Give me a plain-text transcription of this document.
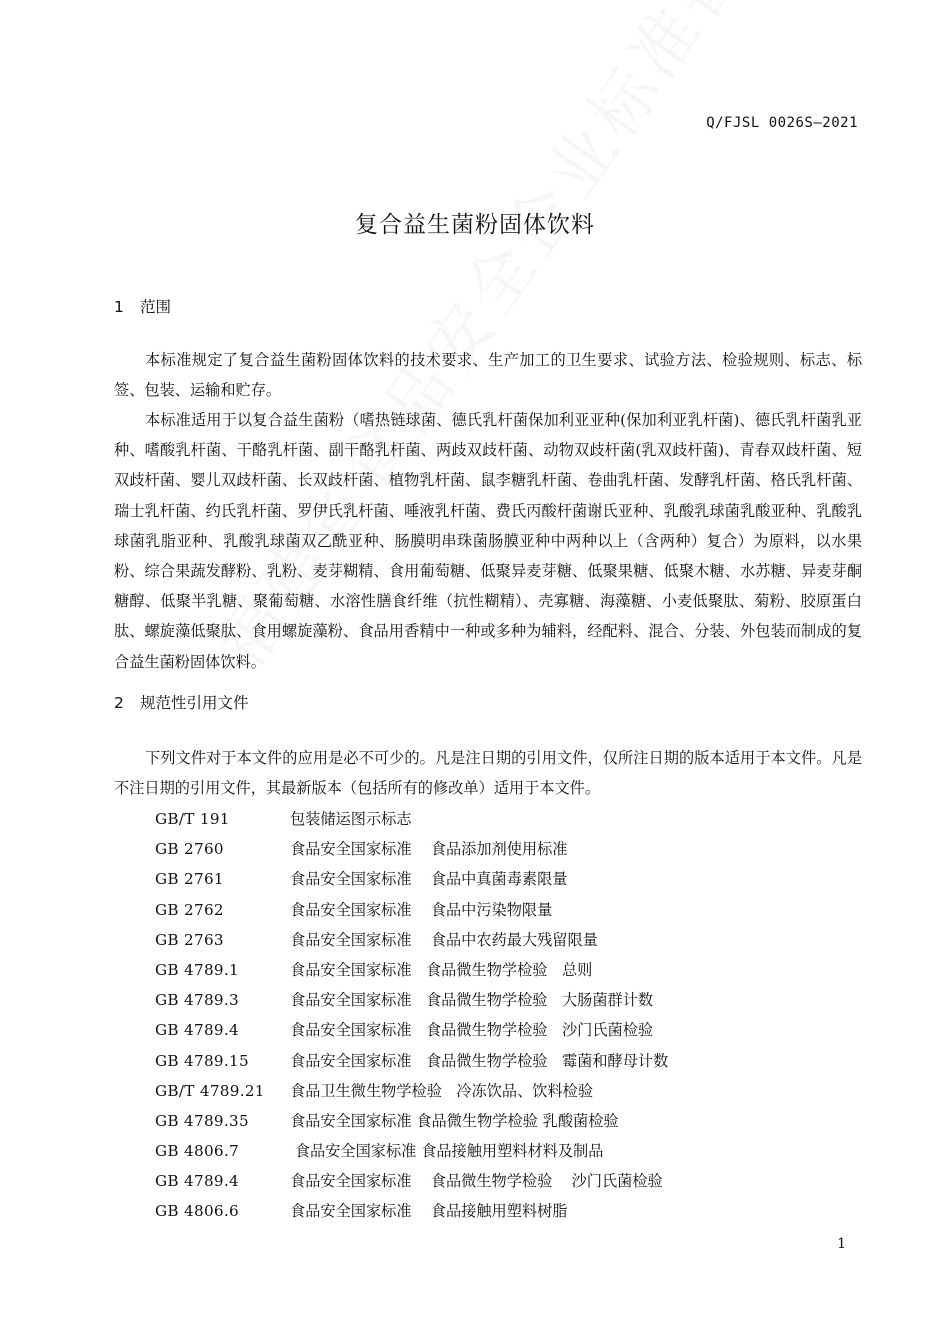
Q/FJSL 0026S—2021
复合益生菌粉固体饮料
1 范围

本标准规定了复合益生菌粉固体饮料的技术要求、生产加工的卫生要求、试验方法、检验规则、标志、标签、包装、运输和贮存。

本标准适用于以复合益生菌粉（嗜热链球菌、德氏乳杆菌保加利亚亚种(保加利亚乳杆菌)、德氏乳杆菌乳亚种、嗜酸乳杆菌、干酪乳杆菌、副干酪乳杆菌、两歧双歧杆菌、动物双歧杆菌(乳双歧杆菌)、青春双歧杆菌、短双歧杆菌、婴儿双歧杆菌、长双歧杆菌、植物乳杆菌、鼠李糖乳杆菌、卷曲乳杆菌、发酵乳杆菌、格氏乳杆菌、瑞士乳杆菌、约氏乳杆菌、罗伊氏乳杆菌、唾液乳杆菌、费氏丙酸杆菌谢氏亚种、乳酸乳球菌乳酸亚种、乳酸乳球菌乳脂亚种、乳酸乳球菌双乙酰亚种、肠膜明串珠菌肠膜亚种中两种以上（含两种）复合）为原料，以水果粉、综合果蔬发酵粉、乳粉、麦芽糊精、食用葡萄糖、低聚异麦芽糖、低聚果糖、低聚木糖、水苏糖、异麦芽酮糖醇、低聚半乳糖、聚葡萄糖、水溶性膳食纤维（抗性糊精）、壳寡糖、海藻糖、小麦低聚肽、菊粉、胶原蛋白肽、螺旋藻低聚肽、食用螺旋藻粉、食品用香精中一种或多种为辅料，经配料、混合、分装、外包装而制成的复合益生菌粉固体饮料。

2 规范性引用文件

下列文件对于本文件的应用是必不可少的。凡是注日期的引用文件，仅所注日期的版本适用于本文件。凡是不注日期的引用文件，其最新版本（包括所有的修改单）适用于本文件。

GB/T 191	包装储运图示标志
GB 2760	食品安全国家标准    食品添加剂使用标准
GB 2761	食品安全国家标准    食品中真菌毒素限量
GB 2762	食品安全国家标准    食品中污染物限量
GB 2763	食品安全国家标准    食品中农药最大残留限量
GB 4789.1	食品安全国家标准   食品微生物学检验   总则
GB 4789.3	食品安全国家标准   食品微生物学检验   大肠菌群计数
GB 4789.4	食品安全国家标准   食品微生物学检验   沙门氏菌检验
GB 4789.15	食品安全国家标准   食品微生物学检验   霉菌和酵母计数
GB/T 4789.21 食品卫生微生物学检验   冷冻饮品、饮料检验
GB 4789.35	食品安全国家标准 食品微生物学检验 乳酸菌检验
GB 4806.7	食品安全国家标准 食品接触用塑料材料及制品
GB 4789.4	食品安全国家标准    食品微生物学检验    沙门氏菌检验
GB 4806.6	食品安全国家标准    食品接触用塑料树脂
1
